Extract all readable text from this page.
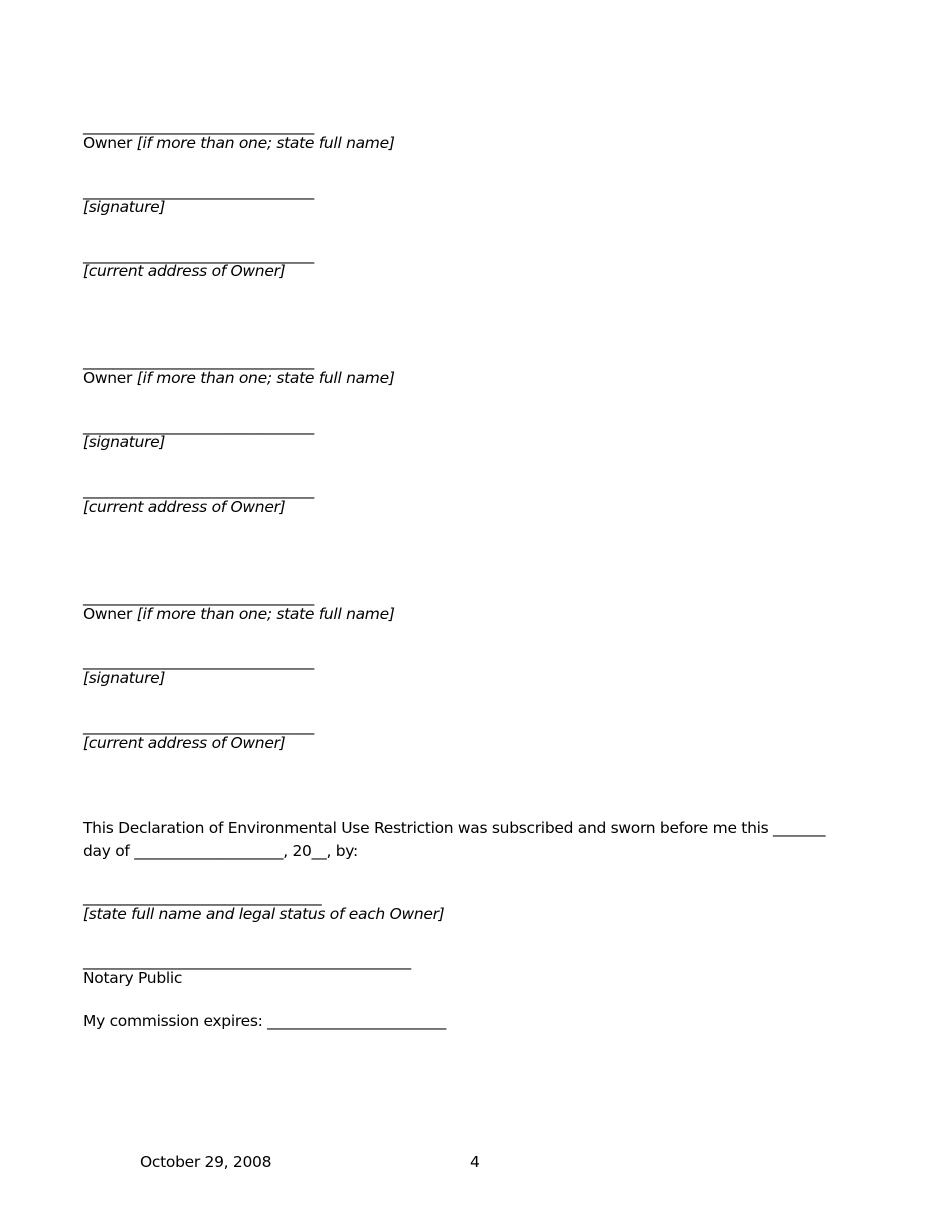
_______________________________
Owner [if more than one; state full name]
_______________________________
[signature]
_______________________________
[current address of Owner]
_______________________________
Owner [if more than one; state full name]
_______________________________
[signature]
_______________________________
[current address of Owner]
_______________________________
Owner [if more than one; state full name]
_______________________________
[signature]
_______________________________
[current address of Owner]
This Declaration of Environmental Use Restriction was subscribed and sworn before me this _______
day of ____________________, 20__, by:
________________________________
[state full name and legal status of each Owner]
____________________________________________
Notary Public
My commission expires: ________________________
October 29, 2008	4
